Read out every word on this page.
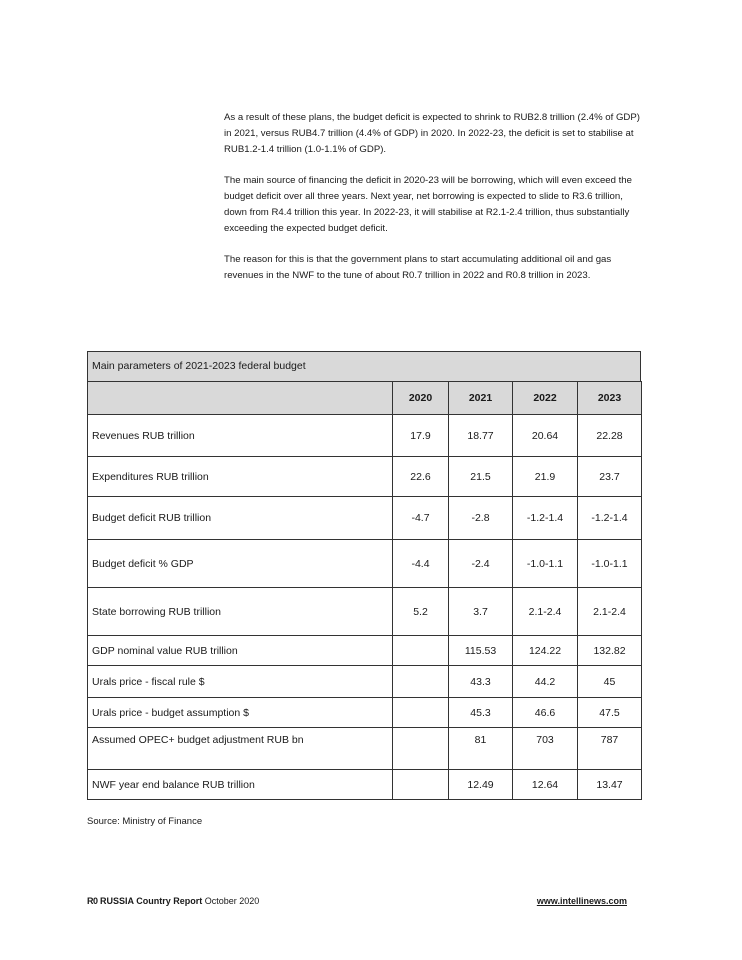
As a result of these plans, the budget deficit is expected to shrink to RUB2.8 trillion (2.4% of GDP) in 2021, versus RUB4.7 trillion (4.4% of GDP) in 2020. In 2022-23, the deficit is set to stabilise at RUB1.2-1.4 trillion (1.0-1.1% of GDP).

The main source of financing the deficit in 2020-23 will be borrowing, which will even exceed the budget deficit over all three years. Next year, net borrowing is expected to slide to R3.6 trillion, down from R4.4 trillion this year. In 2022-23, it will stabilise at R2.1-2.4 trillion, thus substantially exceeding the expected budget deficit.

The reason for this is that the government plans to start accumulating additional oil and gas revenues in the NWF to the tune of about R0.7 trillion in 2022 and R0.8 trillion in 2023.

Main parameters of 2021-2023 federal budget
	2020	2021	2022	2023
Revenues RUB trillion	17.9	18.77	20.64	22.28
Expenditures RUB trillion	22.6	21.5	21.9	23.7
Budget deficit RUB trillion	-4.7	-2.8	-1.2-1.4	-1.2-1.4
Budget deficit % GDP	-4.4	-2.4	-1.0-1.1	-1.0-1.1
State borrowing RUB trillion	5.2	3.7	2.1-2.4	2.1-2.4
GDP nominal value RUB trillion		115.53	124.22	132.82
Urals price - fiscal rule $		43.3	44.2	45
Urals price - budget assumption $		45.3	46.6	47.5
Assumed OPEC+ budget adjustment RUB bn		81	703	787
NWF year end balance RUB trillion		12.49	12.64	13.47
Source: Ministry of Finance
R0 RUSSIA Country Report October 2020	www.intellinews.com
